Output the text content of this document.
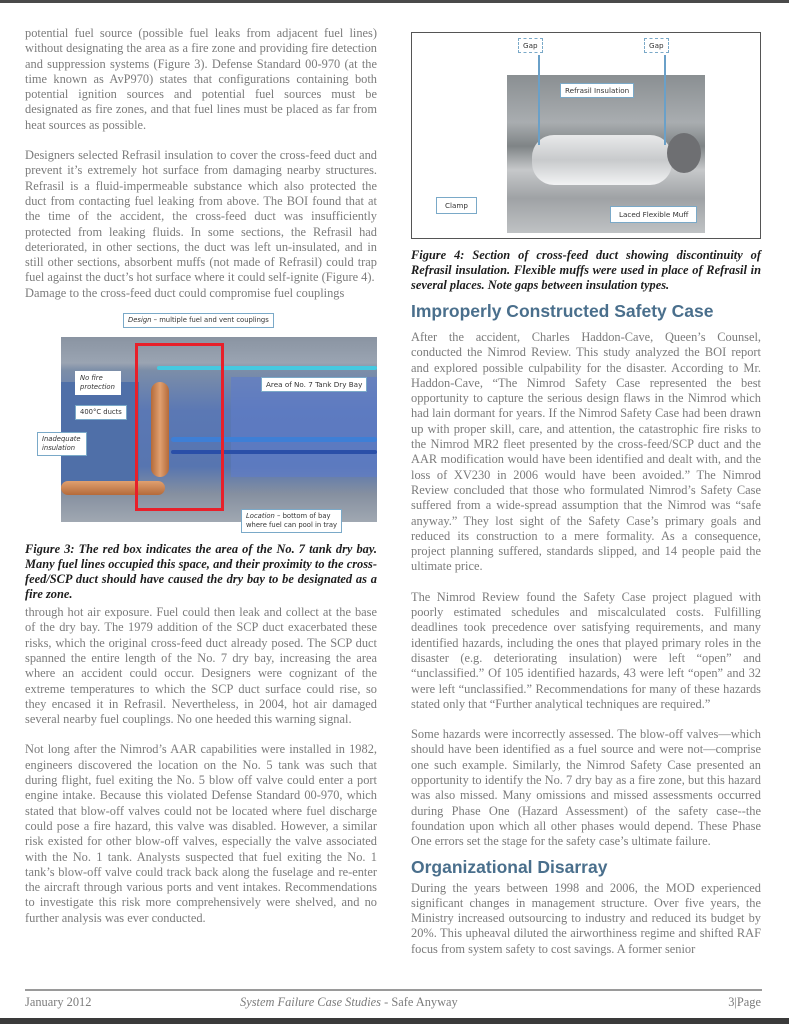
potential fuel source (possible fuel leaks from adjacent fuel lines) without designating the area as a fire zone and providing fire detection and suppression systems (Figure 3). Defense Standard 00-970 (at the time known as AvP970) states that configurations containing both potential ignition sources and potential fuel sources must be designated as fire zones, and that fuel lines must be placed as far from heat sources as possible.

Designers selected Refrasil insulation to cover the cross-feed duct and prevent it’s extremely hot surface from damaging nearby structures. Refrasil is a fluid-impermeable substance which also protected the duct from contacting fuel leaking from above. The BOI found that at the time of the accident, the cross-feed duct was insufficiently protected from leaking fluids. In some sections, the Refrasil had deteriorated, in other sections, the duct was left un-insulated, and in still other sections, absorbent muffs (not made of Refrasil) could trap fuel against the duct’s hot surface where it could self-ignite (Figure 4).

Damage to the cross-feed duct could compromise fuel couplings

Design – multiple fuel and vent couplings
No fire protection
400°C ducts
Inadequate insulation
Area of No. 7 Tank Dry Bay
Location – bottom of bay
where fuel can pool in tray

Figure 3: The red box indicates the area of the No. 7 tank dry bay. Many fuel lines occupied this space, and their proximity to the cross-feed/SCP duct should have caused the dry bay to be designated as a fire zone.

through hot air exposure. Fuel could then leak and collect at the base of the dry bay. The 1979 addition of the SCP duct exacerbated these risks, which the original cross-feed duct already posed. The SCP duct spanned the entire length of the No. 7 dry bay, increasing the area where an accident could occur. Designers were cognizant of the extreme temperatures to which the SCP duct surface could rise, so they encased it in Refrasil. Nevertheless, in 2004, hot air damaged several nearby fuel couplings. No one heeded this warning signal.

Not long after the Nimrod’s AAR capabilities were installed in 1982, engineers discovered the location on the No. 5 tank was such that during flight, fuel exiting the No. 5 blow off valve could enter a port engine intake. Because this violated Defense Standard 00-970, which stated that blow-off valves could not be located where fuel discharge could pose a fire hazard, this valve was disabled. However, a similar risk existed for other blow-off valves, especially the valve associated with the No. 1 tank. Analysts suspected that fuel exiting the No. 1 tank’s blow-off valve could track back along the fuselage and re-enter the aircraft through various ports and vent intakes. Recommendations to investigate this risk more comprehensively were shelved, and no further analysis was ever conducted.

Gap	Gap
Refrasil Insulation
Clamp
Laced Flexible Muff

Figure 4: Section of cross-feed duct showing discontinuity of Refrasil insulation. Flexible muffs were used in place of Refrasil in several places. Note gaps between insulation types.

Improperly Constructed Safety Case

After the accident, Charles Haddon-Cave, Queen’s Counsel, conducted the Nimrod Review. This study analyzed the BOI report and explored possible culpability for the disaster. According to Mr. Haddon-Cave, “The Nimrod Safety Case represented the best opportunity to capture the serious design flaws in the Nimrod which had lain dormant for years. If the Nimrod Safety Case had been drawn up with proper skill, care, and attention, the catastrophic fire risks to the Nimrod MR2 fleet presented by the cross-feed/SCP duct and the AAR modification would have been identified and dealt with, and the loss of XV230 in 2006 would have been avoided.” The Nimrod Review concluded that those who formulated Nimrod’s Safety Case suffered from a wide-spread assumption that the Nimrod was “safe anyway.” They lost sight of the Safety Case’s primary goals and reduced its construction to a mere formality. As a consequence, project planning suffered, standards slipped, and 14 people paid the ultimate price.

The Nimrod Review found the Safety Case project plagued with poorly estimated schedules and miscalculated costs. Fulfilling deadlines took precedence over satisfying requirements, and many identified hazards, including the ones that played primary roles in the disaster (e.g. deteriorating insulation) were left “open” and “unclassified.” Of 105 identified hazards, 43 were left “open” and 32 were left “unclassified.” Recommendations for many of these hazards stated only that “Further analytical techniques are required.”

Some hazards were incorrectly assessed. The blow-off valves—which should have been identified as a fuel source and were not—comprise one such example. Similarly, the Nimrod Safety Case presented an opportunity to identify the No. 7 dry bay as a fire zone, but this hazard was also missed. Many omissions and missed assessments occurred during Phase One (Hazard Assessment) of the safety case--the foundation upon which all other phases would depend. These Phase One errors set the stage for the safety case’s ultimate failure.

Organizational Disarray

During the years between 1998 and 2006, the MOD experienced significant changes in management structure. Over five years, the Ministry increased outsourcing to industry and reduced its budget by 20%. This upheaval diluted the airworthiness regime and shifted RAF focus from system safety to cost savings. A former senior

January 2012	System Failure Case Studies - Safe Anyway	3|Page
